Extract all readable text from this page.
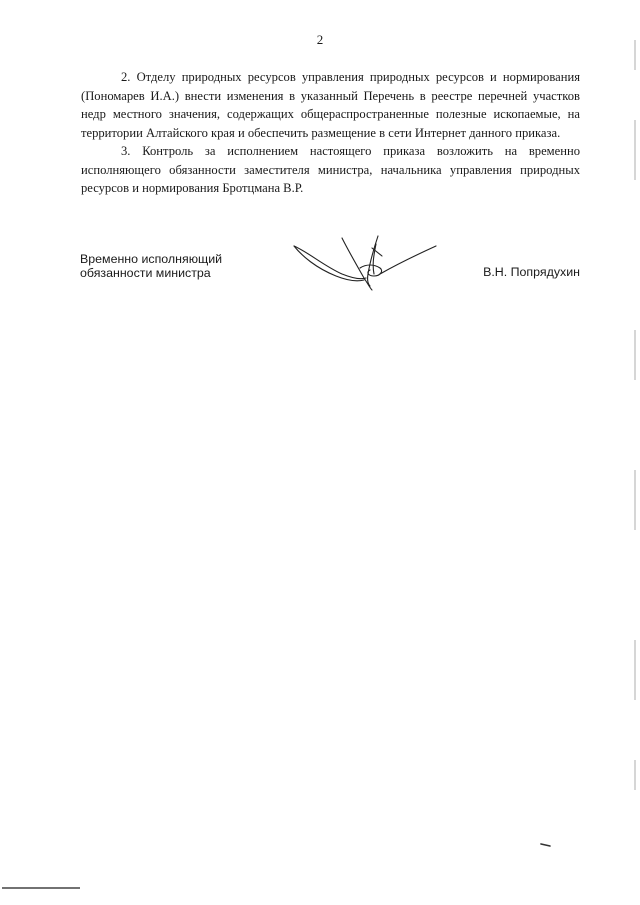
2

2. Отделу природных ресурсов управления природных ресурсов и нормирования (Пономарев И.А.) внести изменения в указанный Перечень в реестре перечней участков недр местного значения, содержащих общераспространенные полезные ископаемые, на территории Алтайского края и обеспечить размещение в сети Интернет данного приказа.

3. Контроль за исполнением настоящего приказа возложить на временно исполняющего обязанности заместителя министра, начальника управления природных ресурсов и нормирования Бротцмана В.Р.

Временно исполняющий
обязанности министра	В.Н. Попрядухин
